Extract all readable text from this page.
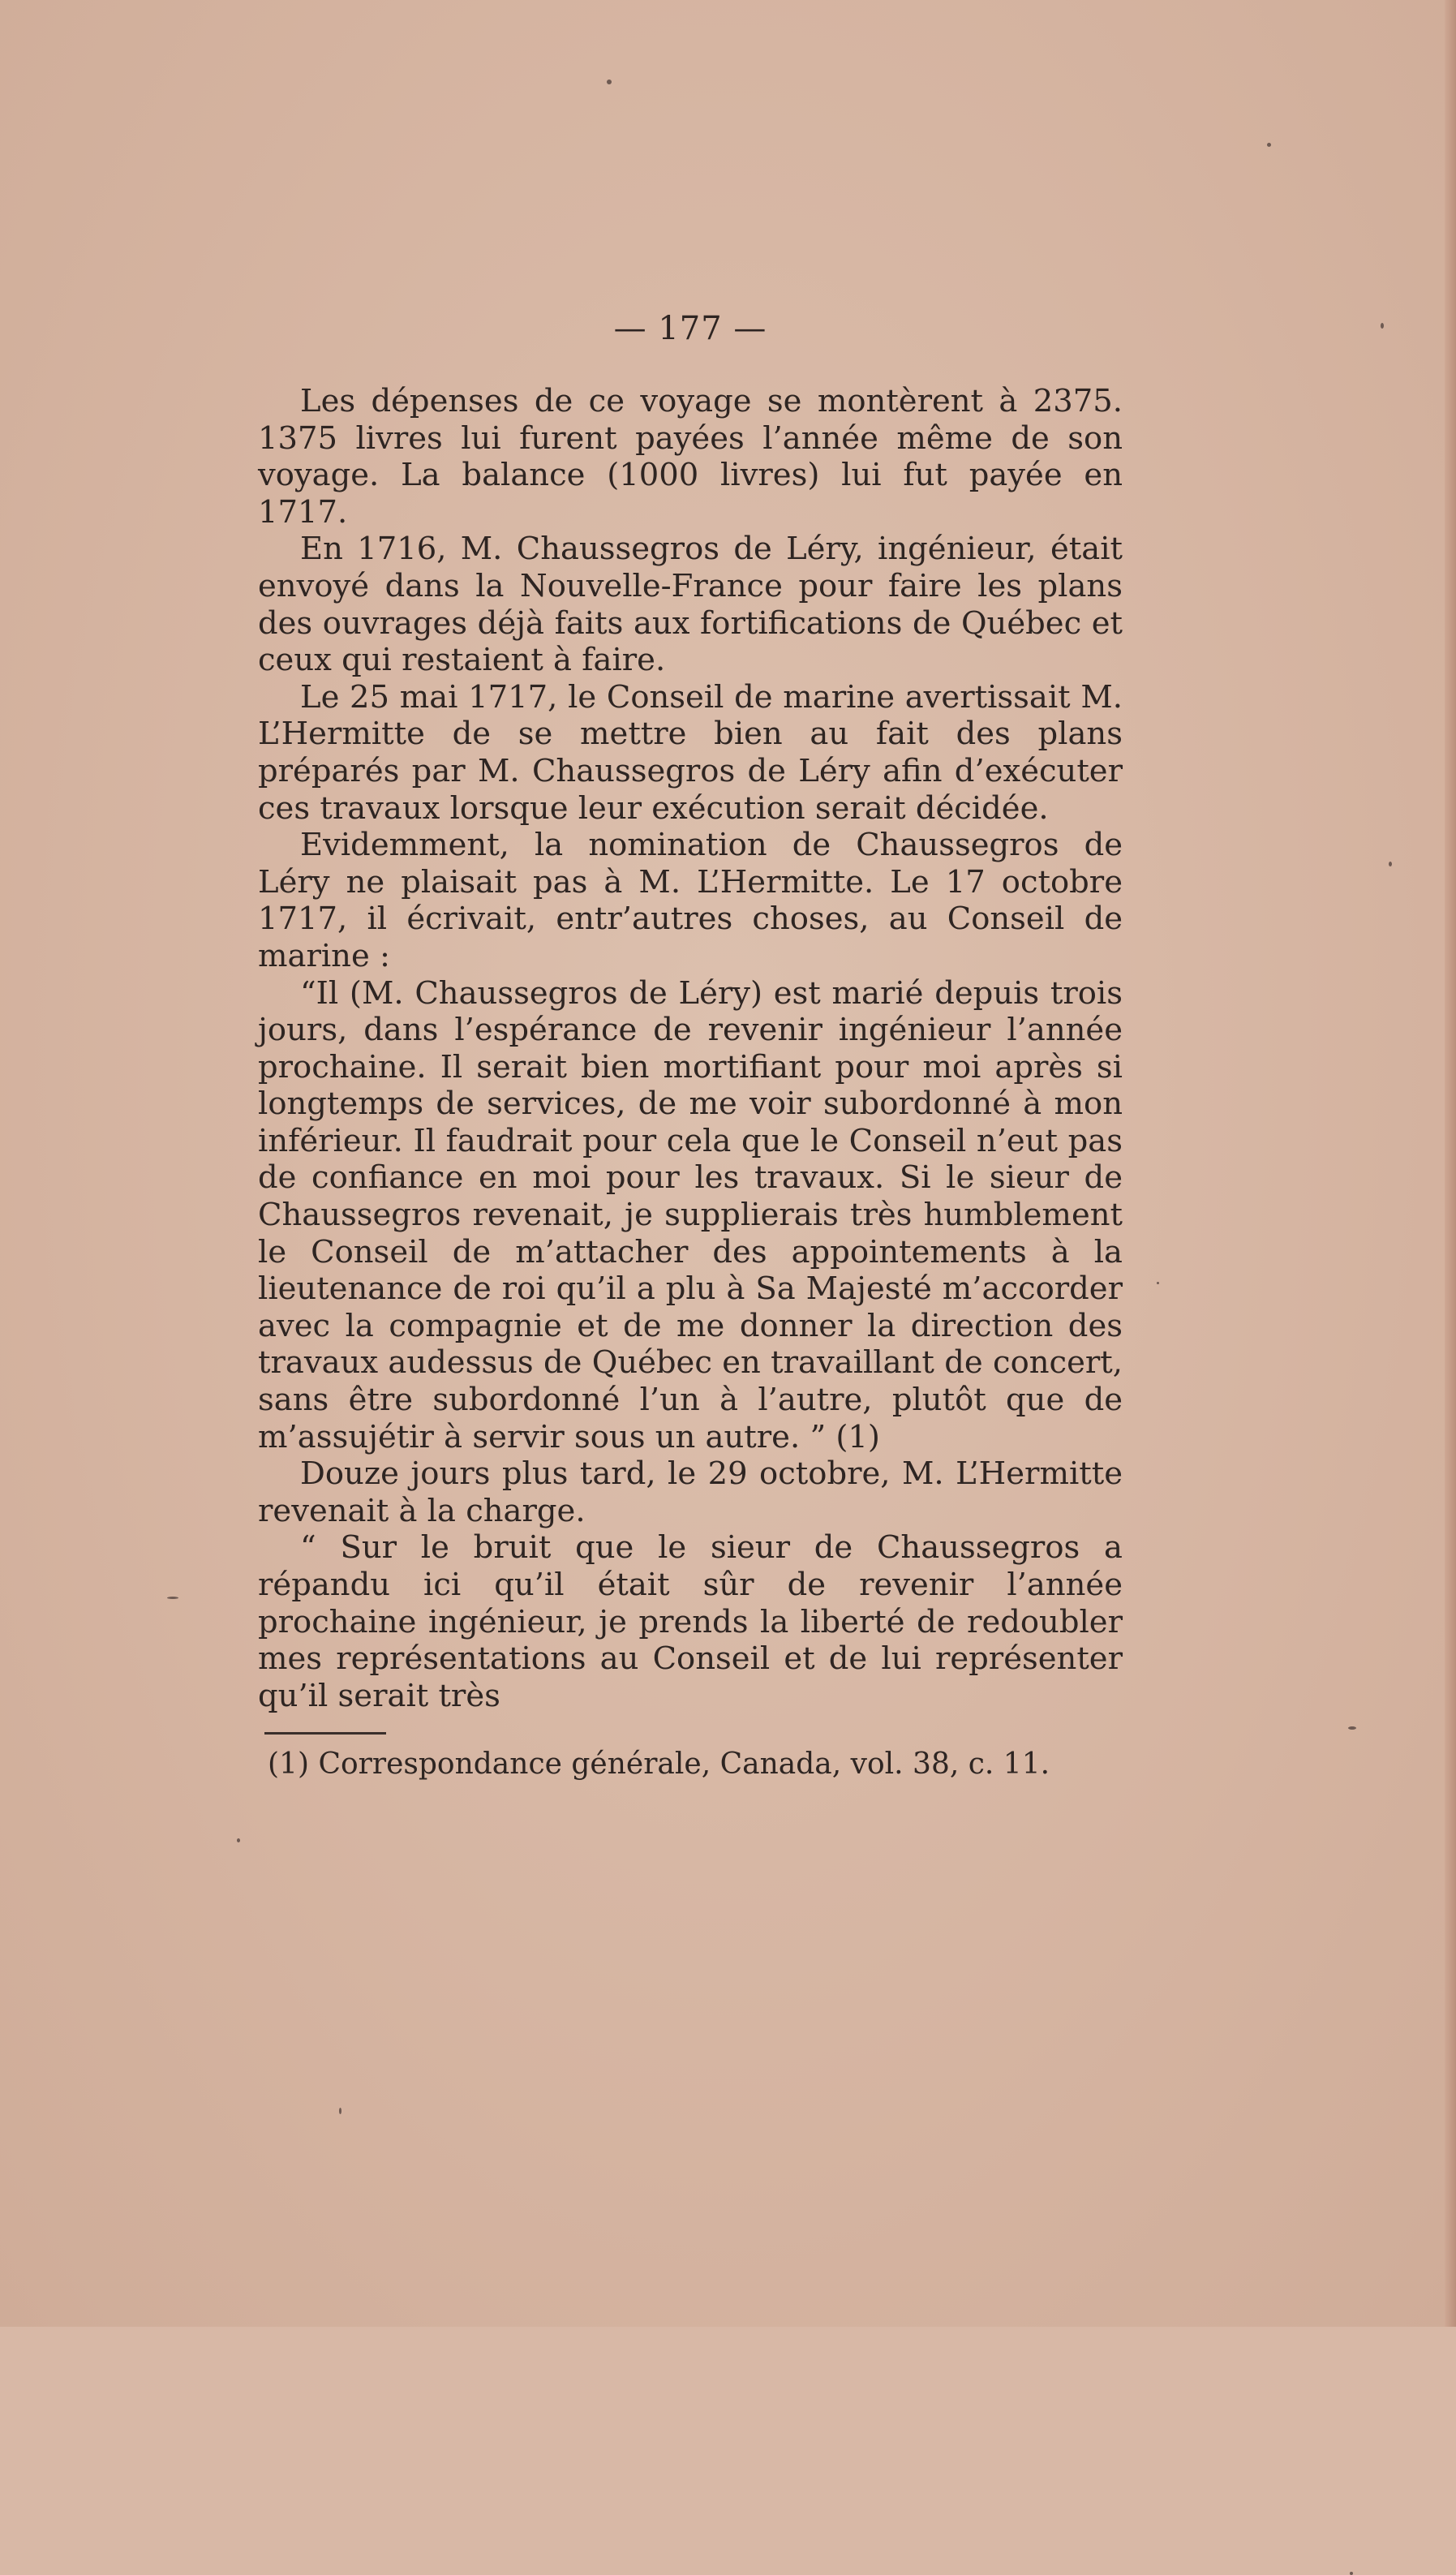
— 177 —

Les dépenses de ce voyage se montèrent à 2375. 1375 livres lui furent payées l’année même de son voyage. La balance (1000 livres) lui fut payée en 1717.

En 1716, M. Chaussegros de Léry, ingénieur, était envoyé dans la Nouvelle-France pour faire les plans des ouvrages déjà faits aux fortifications de Québec et ceux qui restaient à faire.

Le 25 mai 1717, le Conseil de marine avertissait M. L’Hermitte de se mettre bien au fait des plans préparés par M. Chaussegros de Léry afin d’exécuter ces travaux lorsque leur exécution serait décidée.

Evidemment, la nomination de Chaussegros de Léry ne plaisait pas à M. L’Hermitte. Le 17 octobre 1717, il écrivait, entr’autres choses, au Conseil de marine :

“Il (M. Chaussegros de Léry) est marié depuis trois jours, dans l’espérance de revenir ingénieur l’année prochaine. Il serait bien mortifiant pour moi après si longtemps de services, de me voir subordonné à mon inférieur. Il faudrait pour cela que le Conseil n’eut pas de confiance en moi pour les travaux. Si le sieur de Chaussegros revenait, je supplierais très humblement le Conseil de m’attacher des appointements à la lieutenance de roi qu’il a plu à Sa Majesté m’accorder avec la compagnie et de me donner la direction des travaux audessus de Québec en travaillant de concert, sans être subordonné l’un à l’autre, plutôt que de m’assujétir à servir sous un autre. ” (1)

Douze jours plus tard, le 29 octobre, M. L’Hermitte revenait à la charge.

“ Sur le bruit que le sieur de Chaussegros a répandu ici qu’il était sûr de revenir l’année prochaine ingénieur, je prends la liberté de redoubler mes représentations au Conseil et de lui représenter qu’il serait très

(1) Correspondance générale, Canada, vol. 38, c. 11.
